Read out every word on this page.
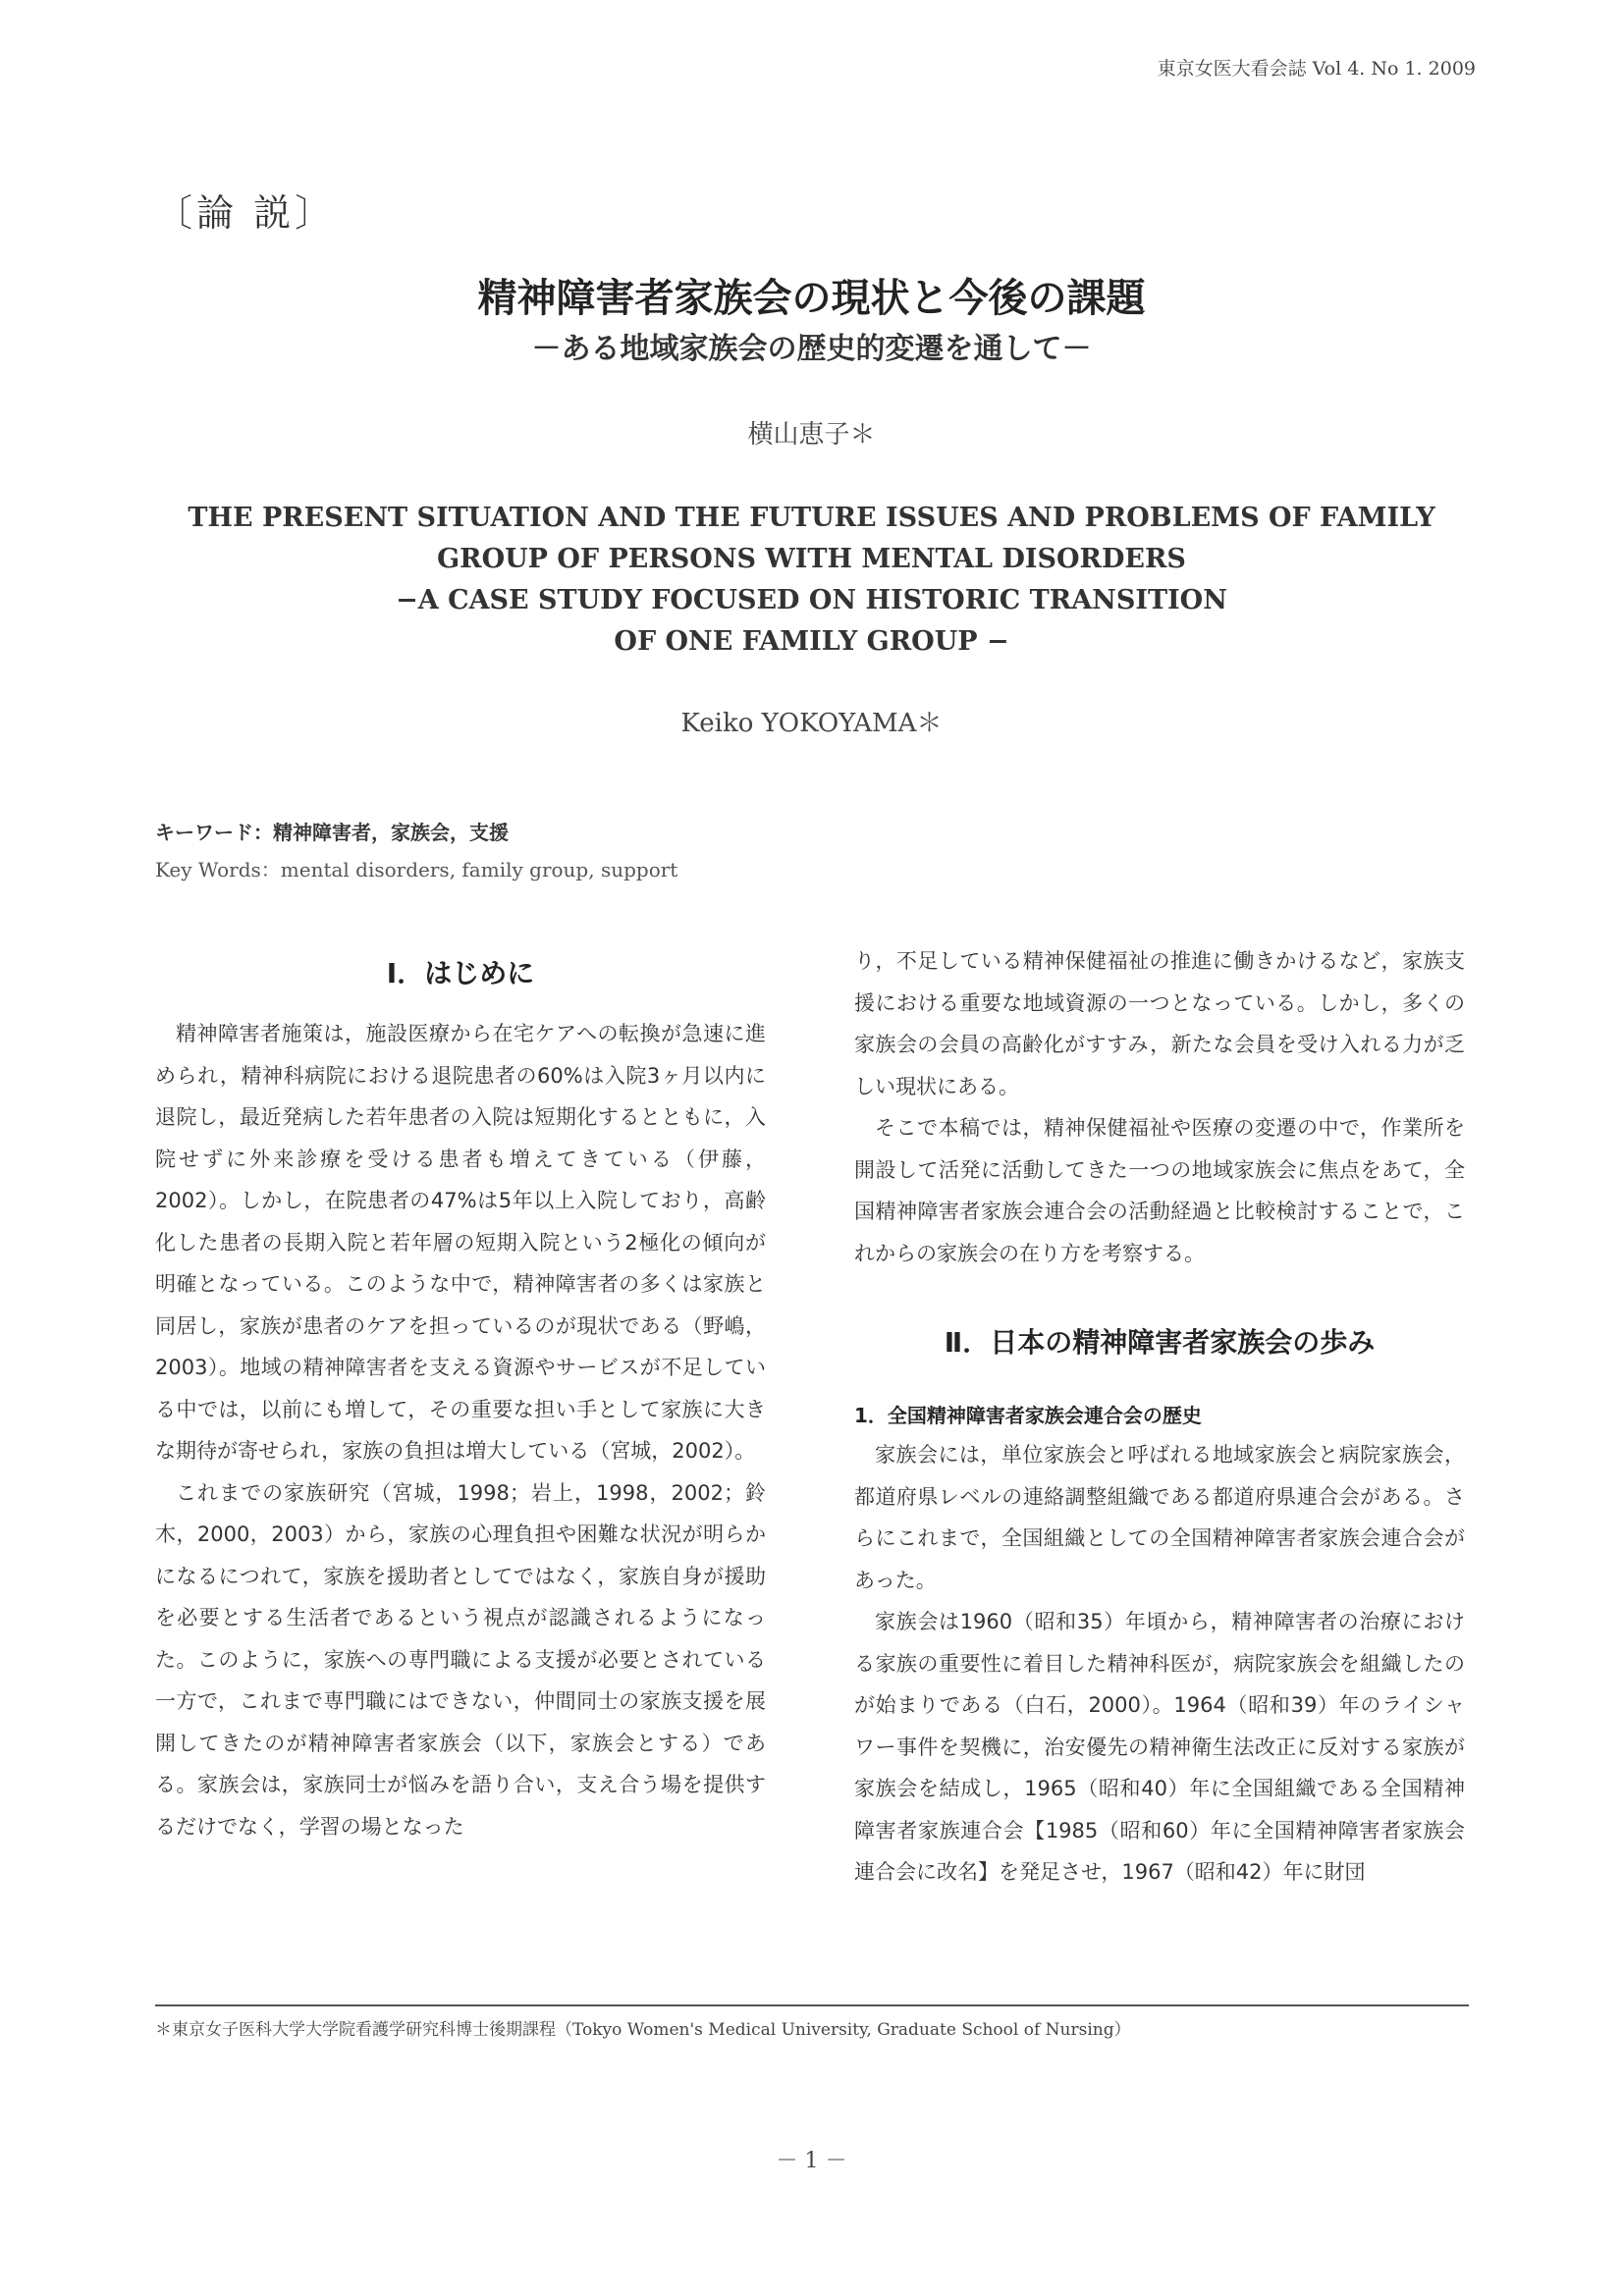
東京女医大看会誌 Vol 4. No 1. 2009
〔論 説〕
精神障害者家族会の現状と今後の課題
－ある地域家族会の歴史的変遷を通して－
横山恵子＊
THE PRESENT SITUATION AND THE FUTURE ISSUES AND PROBLEMS OF FAMILY
GROUP OF PERSONS WITH MENTAL DISORDERS
−A CASE STUDY FOCUSED ON HISTORIC TRANSITION
OF ONE FAMILY GROUP −
Keiko YOKOYAMA＊
キーワード：精神障害者，家族会，支援
Key Words：mental disorders, family group, support
Ⅰ．はじめに

精神障害者施策は，施設医療から在宅ケアへの転換が急速に進められ，精神科病院における退院患者の60%は入院3ヶ月以内に退院し，最近発病した若年患者の入院は短期化するとともに，入院せずに外来診療を受ける患者も増えてきている（伊藤，2002）。しかし，在院患者の47%は5年以上入院しており，高齢化した患者の長期入院と若年層の短期入院という2極化の傾向が明確となっている。このような中で，精神障害者の多くは家族と同居し，家族が患者のケアを担っているのが現状である（野嶋，2003）。地域の精神障害者を支える資源やサービスが不足している中では，以前にも増して，その重要な担い手として家族に大きな期待が寄せられ，家族の負担は増大している（宮城，2002）。

これまでの家族研究（宮城，1998；岩上，1998，2002；鈴木，2000，2003）から，家族の心理負担や困難な状況が明らかになるにつれて，家族を援助者としてではなく，家族自身が援助を必要とする生活者であるという視点が認識されるようになった。このように，家族への専門職による支援が必要とされている一方で，これまで専門職にはできない，仲間同士の家族支援を展開してきたのが精神障害者家族会（以下，家族会とする）である。家族会は，家族同士が悩みを語り合い，支え合う場を提供するだけでなく，学習の場となった

り，不足している精神保健福祉の推進に働きかけるなど，家族支援における重要な地域資源の一つとなっている。しかし，多くの家族会の会員の高齢化がすすみ，新たな会員を受け入れる力が乏しい現状にある。

そこで本稿では，精神保健福祉や医療の変遷の中で，作業所を開設して活発に活動してきた一つの地域家族会に焦点をあて，全国精神障害者家族会連合会の活動経過と比較検討することで，これからの家族会の在り方を考察する。

Ⅱ．日本の精神障害者家族会の歩み

1．全国精神障害者家族会連合会の歴史

家族会には，単位家族会と呼ばれる地域家族会と病院家族会，都道府県レベルの連絡調整組織である都道府県連合会がある。さらにこれまで，全国組織としての全国精神障害者家族会連合会があった。

家族会は1960（昭和35）年頃から，精神障害者の治療における家族の重要性に着目した精神科医が，病院家族会を組織したのが始まりである（白石，2000）。1964（昭和39）年のライシャワー事件を契機に，治安優先の精神衛生法改正に反対する家族が家族会を結成し，1965（昭和40）年に全国組織である全国精神障害者家族連合会【1985（昭和60）年に全国精神障害者家族会連合会に改名】を発足させ，1967（昭和42）年に財団

＊東京女子医科大学大学院看護学研究科博士後期課程（Tokyo Women's Medical University, Graduate School of Nursing）
－ 1 －
